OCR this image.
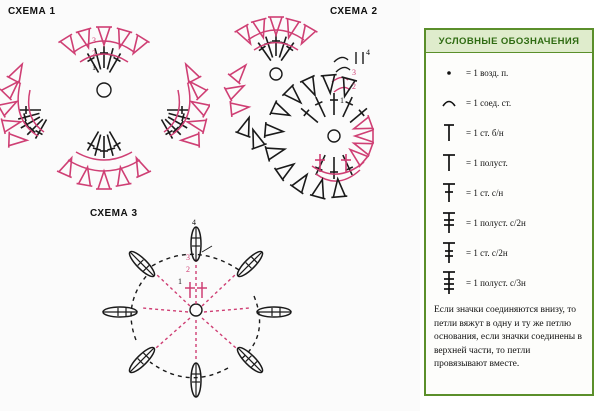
СХЕМА 1	СХЕМА 2
СХЕМА 3
3
2
1
4
3
2
1
4
3
2
1
УСЛОВНЫЕ ОБОЗНАЧЕНИЯ
= 1 возд. п.
= 1 соед. ст.
= 1 ст. б/н
= 1 полуст.
= 1 ст. с/н
= 1 полуст. с/2н
= 1 ст. с/2н
= 1 полуст. с/3н
Если значки соединяются внизу, то петли вяжут в одну и ту же петлю основания, если значки соединены в верхней части, то петли провязывают вместе.
